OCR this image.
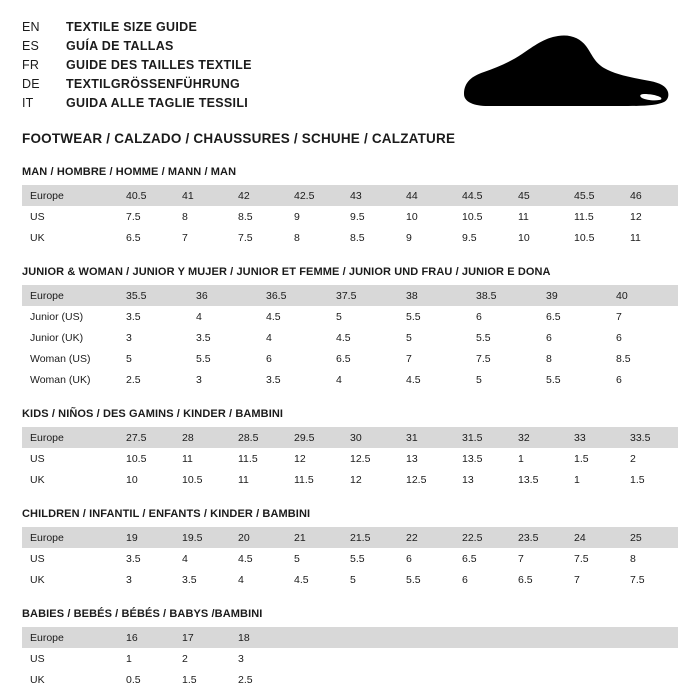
EN	TEXTILE SIZE GUIDE
ES	GUÍA DE TALLAS
FR	GUIDE DES TAILLES TEXTILE
DE	TEXTILGRÖSSENFÜHRUNG
IT	GUIDA ALLE TAGLIE TESSILI
FOOTWEAR / CALZADO / CHAUSSURES / SCHUHE / CALZATURE
MAN / HOMBRE / HOMME / MANN / MAN
Europe	40.5	41	42	42.5	43	44	44.5	45	45.5	46
US	7.5	8	8.5	9	9.5	10	10.5	11	11.5	12
UK	6.5	7	7.5	8	8.5	9	9.5	10	10.5	11
JUNIOR & WOMAN / JUNIOR Y MUJER / JUNIOR ET FEMME / JUNIOR UND FRAU / JUNIOR E DONA
Europe	35.5	36	36.5	37.5	38	38.5	39	40
Junior (US)	3.5	4	4.5	5	5.5	6	6.5	7
Junior (UK)	3	3.5	4	4.5	5	5.5	6	6
Woman (US)	5	5.5	6	6.5	7	7.5	8	8.5
Woman (UK)	2.5	3	3.5	4	4.5	5	5.5	6
KIDS / NIÑOS / DES GAMINS / KINDER / BAMBINI
Europe	27.5	28	28.5	29.5	30	31	31.5	32	33	33.5
US	10.5	11	11.5	12	12.5	13	13.5	1	1.5	2
UK	10	10.5	11	11.5	12	12.5	13	13.5	1	1.5
CHILDREN / INFANTIL / ENFANTS / KINDER / BAMBINI
Europe	19	19.5	20	21	21.5	22	22.5	23.5	24	25
US	3.5	4	4.5	5	5.5	6	6.5	7	7.5	8
UK	3	3.5	4	4.5	5	5.5	6	6.5	7	7.5
BABIES / BEBÉS / BÉBÉS / BABYS /BAMBINI
Europe	16	17	18							
US	1	2	3							
UK	0.5	1.5	2.5							
